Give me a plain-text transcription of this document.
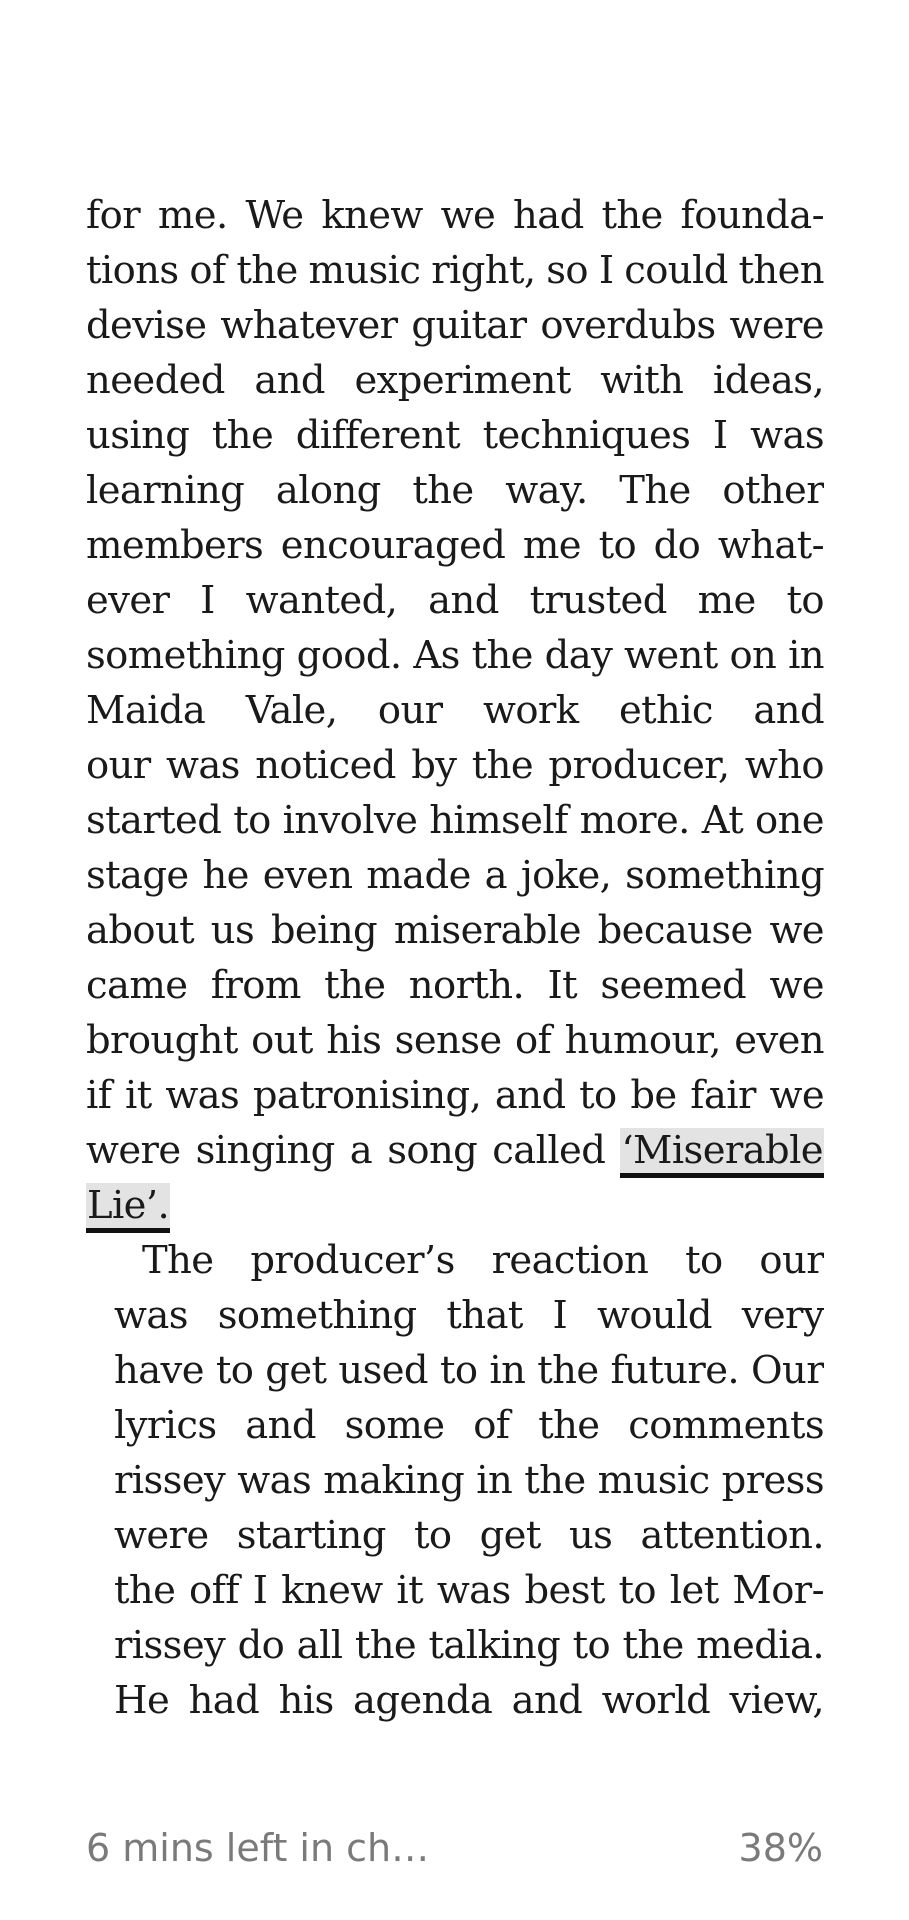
for me. We knew we had the founda-
tions of the music right, so I could then
devise whatever guitar overdubs were
needed and experiment with ideas,
using the different techniques I was
learning along the way. The other
members encouraged me to do what-
ever I wanted, and trusted me to
something good. As the day went on in
Maida Vale, our work ethic and
our was noticed by the producer, who
started to involve himself more. At one
stage he even made a joke, something
about us being miserable because we
came from the north. It seemed we
brought out his sense of humour, even
if it was patronising, and to be fair we
were singing a song called ‘Miserable
Lie’.
The producer’s reaction to our
was something that I would very
have to get used to in the future. Our
lyrics and some of the comments
rissey was making in the music press
were starting to get us attention.
the off I knew it was best to let Mor-
rissey do all the talking to the media.
He had his agenda and world view,
6 mins left in ch…	38%
